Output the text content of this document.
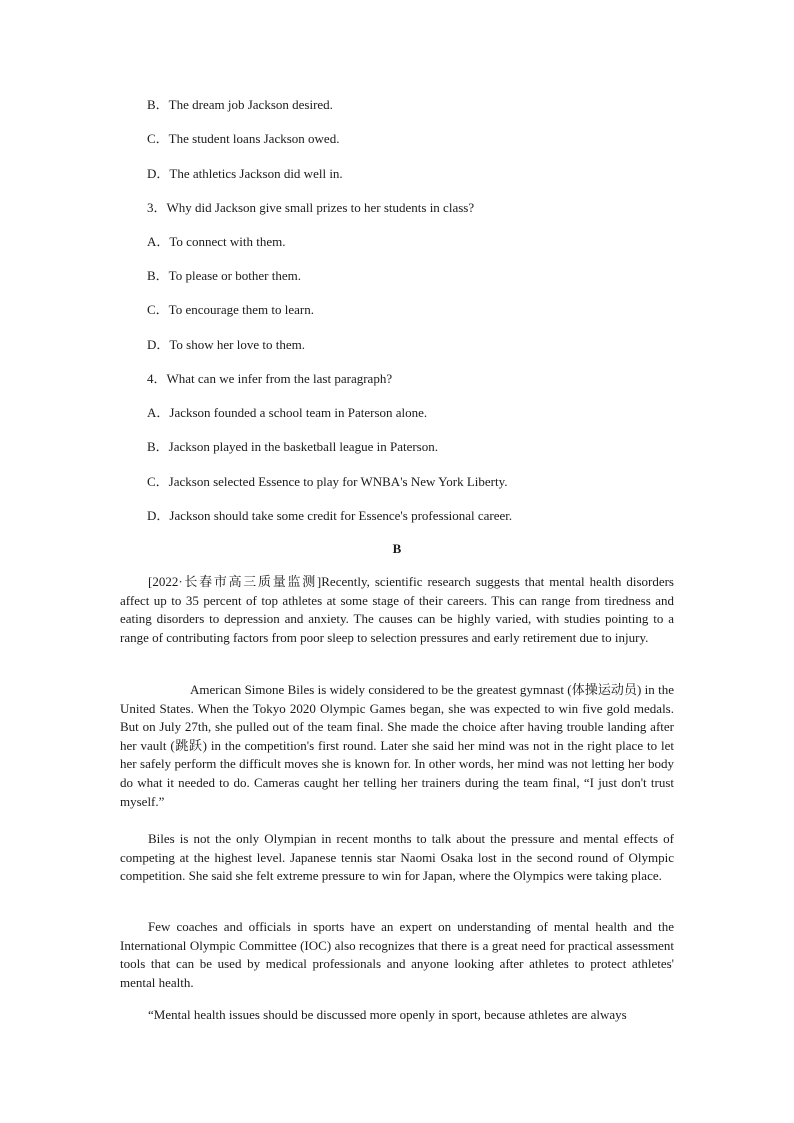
B．The dream job Jackson desired.
C．The student loans Jackson owed.
D．The athletics Jackson did well in.
3．Why did Jackson give small prizes to her students in class?
A．To connect with them.
B．To please or bother them.
C．To encourage them to learn.
D．To show her love to them.
4．What can we infer from the last paragraph?
A．Jackson founded a school team in Paterson alone.
B．Jackson played in the basketball league in Paterson.
C．Jackson selected Essence to play for WNBA's New York Liberty.
D．Jackson should take some credit for Essence's professional career.
B

[2022·长春市高三质量监测]Recently, scientific research suggests that mental health disorders affect up to 35 percent of top athletes at some stage of their careers. This can range from tiredness and eating disorders to depression and anxiety. The causes can be highly varied, with studies pointing to a range of contributing factors from poor sleep to selection pressures and early retirement due to injury.

American Simone Biles is widely considered to be the greatest gymnast (体操运动员) in the United States. When the Tokyo 2020 Olympic Games began, she was expected to win five gold medals. But on July 27th, she pulled out of the team final. She made the choice after having trouble landing after her vault (跳跃) in the competition's first round. Later she said her mind was not in the right place to let her safely perform the difficult moves she is known for. In other words, her mind was not letting her body do what it needed to do. Cameras caught her telling her trainers during the team final, “I just don't trust myself.”

Biles is not the only Olympian in recent months to talk about the pressure and mental effects of competing at the highest level. Japanese tennis star Naomi Osaka lost in the second round of Olympic competition. She said she felt extreme pressure to win for Japan, where the Olympics were taking place.

Few coaches and officials in sports have an expert on understanding of mental health and the International Olympic Committee (IOC) also recognizes that there is a great need for practical assessment tools that can be used by medical professionals and anyone looking after athletes to protect athletes' mental health.

“Mental health issues should be discussed more openly in sport, because athletes are always
